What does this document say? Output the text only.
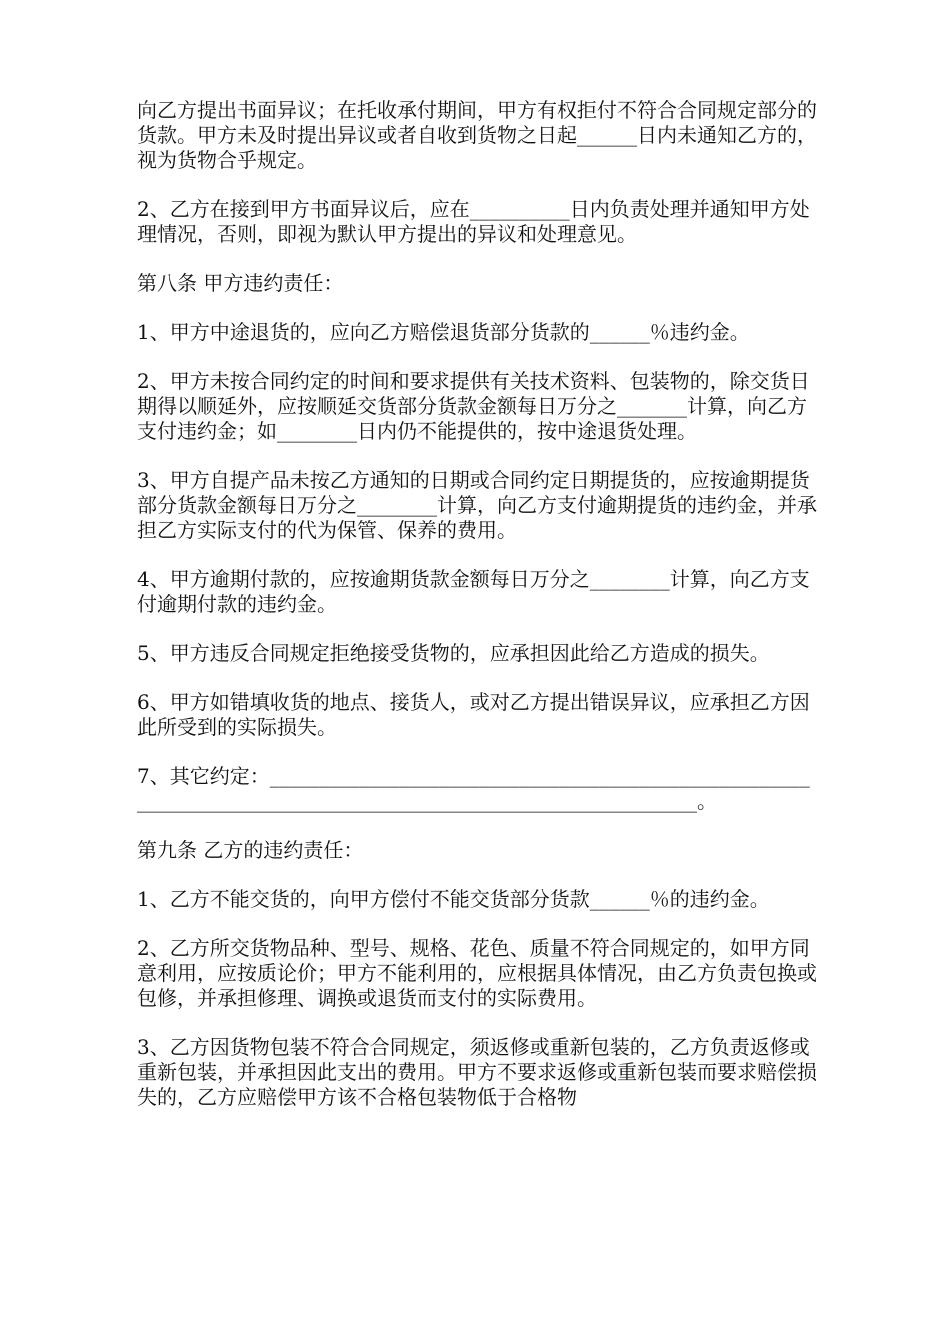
向乙方提出书面异议；在托收承付期间，甲方有权拒付不符合合同规定部分的货款。甲方未及时提出异议或者自收到货物之日起______日内未通知乙方的，视为货物合乎规定。

2、乙方在接到甲方书面异议后，应在__________日内负责处理并通知甲方处理情况，否则，即视为默认甲方提出的异议和处理意见。

第八条 甲方违约责任：

1、甲方中途退货的，应向乙方赔偿退货部分货款的______％违约金。

2、甲方未按合同约定的时间和要求提供有关技术资料、包装物的，除交货日期得以顺延外，应按顺延交货部分货款金额每日万分之_______计算，向乙方支付违约金；如________日内仍不能提供的，按中途退货处理。

3、甲方自提产品未按乙方通知的日期或合同约定日期提货的，应按逾期提货部分货款金额每日万分之________计算，向乙方支付逾期提货的违约金，并承担乙方实际支付的代为保管、保养的费用。

4、甲方逾期付款的，应按逾期货款金额每日万分之________计算，向乙方支付逾期付款的违约金。

5、甲方违反合同规定拒绝接受货物的，应承担因此给乙方造成的损失。

6、甲方如错填收货的地点、接货人，或对乙方提出错误异议，应承担乙方因此所受到的实际损失。

7、其它约定：______________________________________________________________________________________________________________。

第九条 乙方的违约责任：

1、乙方不能交货的，向甲方偿付不能交货部分货款______％的违约金。

2、乙方所交货物品种、型号、规格、花色、质量不符合同规定的，如甲方同意利用，应按质论价；甲方不能利用的，应根据具体情况，由乙方负责包换或包修，并承担修理、调换或退货而支付的实际费用。

3、乙方因货物包装不符合合同规定，须返修或重新包装的，乙方负责返修或重新包装，并承担因此支出的费用。甲方不要求返修或重新包装而要求赔偿损失的，乙方应赔偿甲方该不合格包装物低于合格物
